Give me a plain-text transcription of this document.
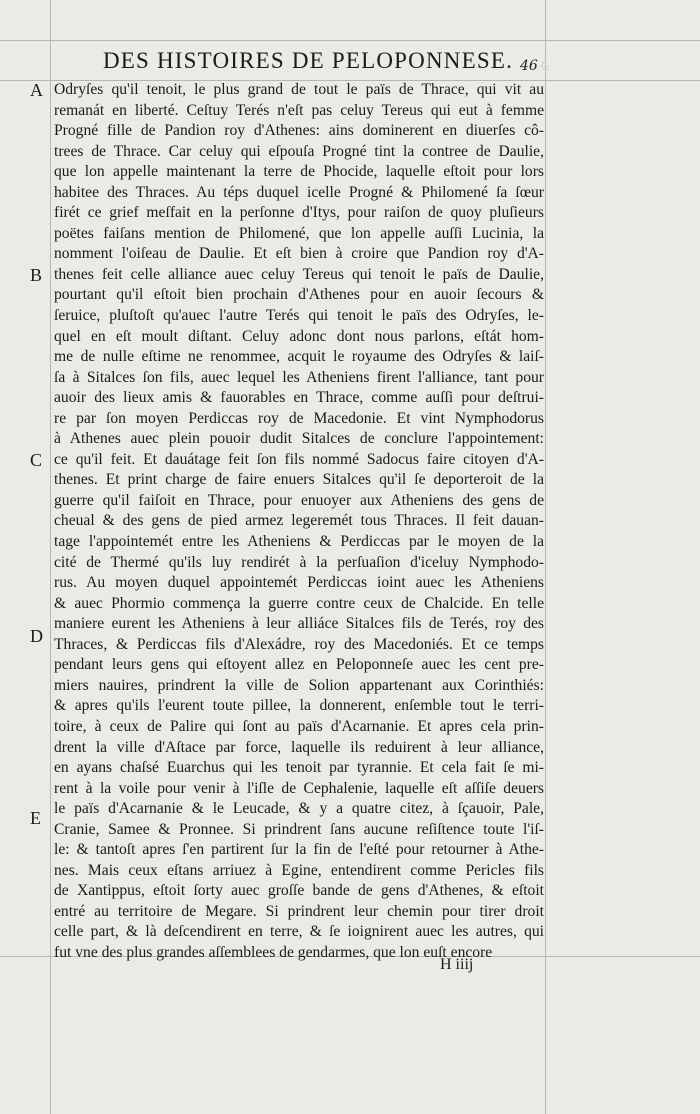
DES HISTOIRES DE PELOPONNESE. 46 4
A
B
C
D
E
Odryſes qu'il tenoit, le plus grand de tout le païs de Thrace, qui vit au
remanát en liberté. Ceſtuy Terés n'eſt pas celuy Tereus qui eut à femme
Progné fille de Pandion roy d'Athenes: ains dominerent en diuerſes cô-
trees de Thrace. Car celuy qui eſpouſa Progné tint la contree de Daulie,
que lon appelle maintenant la terre de Phocide, laquelle eſtoit pour lors
habitee des Thraces. Au téps duquel icelle Progné & Philomené ſa ſœur
firét ce grief meſfait en la perſonne d'Itys, pour raiſon de quoy pluſieurs
poëtes faiſans mention de Philomené, que lon appelle auſſi Lucinia, la
nomment l'oiſeau de Daulie. Et eſt bien à croire que Pandion roy d'A-
thenes feit celle alliance auec celuy Tereus qui tenoit le païs de Daulie,
pourtant qu'il eſtoit bien prochain d'Athenes pour en auoir ſecours &
ſeruice, pluſtoſt qu'auec l'autre Terés qui tenoit le païs des Odryſes, le-
quel en eſt moult diſtant. Celuy adonc dont nous parlons, eſtát hom-
me de nulle eſtime ne renommee, acquit le royaume des Odryſes & laiſ-
ſa à Sitalces ſon fils, auec lequel les Atheniens firent l'alliance, tant pour
auoir des lieux amis & fauorables en Thrace, comme auſſi pour deſtrui-
re par ſon moyen Perdiccas roy de Macedonie. Et vint Nymphodorus
à Athenes auec plein pouoir dudit Sitalces de conclure l'appointement:
ce qu'il feit. Et dauátage feit ſon fils nommé Sadocus faire citoyen d'A-
thenes. Et print charge de faire enuers Sitalces qu'il ſe deporteroit de la
guerre qu'il faiſoit en Thrace, pour enuoyer aux Atheniens des gens de
cheual & des gens de pied armez legeremét tous Thraces. Il feit dauan-
tage l'appointemét entre les Atheniens & Perdiccas par le moyen de la
cité de Thermé qu'ils luy rendirét à la perſuaſion d'iceluy Nymphodo-
rus. Au moyen duquel appointemét Perdiccas ioint auec les Atheniens
& auec Phormio commença la guerre contre ceux de Chalcide. En telle
maniere eurent les Atheniens à leur alliáce Sitalces fils de Terés, roy des
Thraces, & Perdiccas fils d'Alexádre, roy des Macedoniés. Et ce temps
pendant leurs gens qui eſtoyent allez en Peloponneſe auec les cent pre-
miers nauires, prindrent la ville de Solion appartenant aux Corinthiés:
& apres qu'ils l'eurent toute pillee, la donnerent, enſemble tout le terri-
toire, à ceux de Palire qui ſont au païs d'Acarnanie. Et apres cela prin-
drent la ville d'Aſtace par force, laquelle ils reduirent à leur alliance,
en ayans chaſsé Euarchus qui les tenoit par tyrannie. Et cela fait ſe mi-
rent à la voile pour venir à l'iſle de Cephalenie, laquelle eſt aſſiſe deuers
le païs d'Acarnanie & le Leucade, & y a quatre citez, à ſçauoir, Pale,
Cranie, Samee & Pronnee. Si prindrent ſans aucune reſiſtence toute l'iſ-
le: & tantoſt apres ſ'en partirent ſur la fin de l'eſté pour retourner à Athe-
nes. Mais ceux eſtans arriuez à Egine, entendirent comme Pericles fils
de Xantippus, eſtoit ſorty auec groſſe bande de gens d'Athenes, & eſtoit
entré au territoire de Megare. Si prindrent leur chemin pour tirer droit
celle part, & là deſcendirent en terre, & ſe ioignirent auec les autres, qui
fut vne des plus grandes aſſemblees de gendarmes, que lon euſt encore
H iiij
